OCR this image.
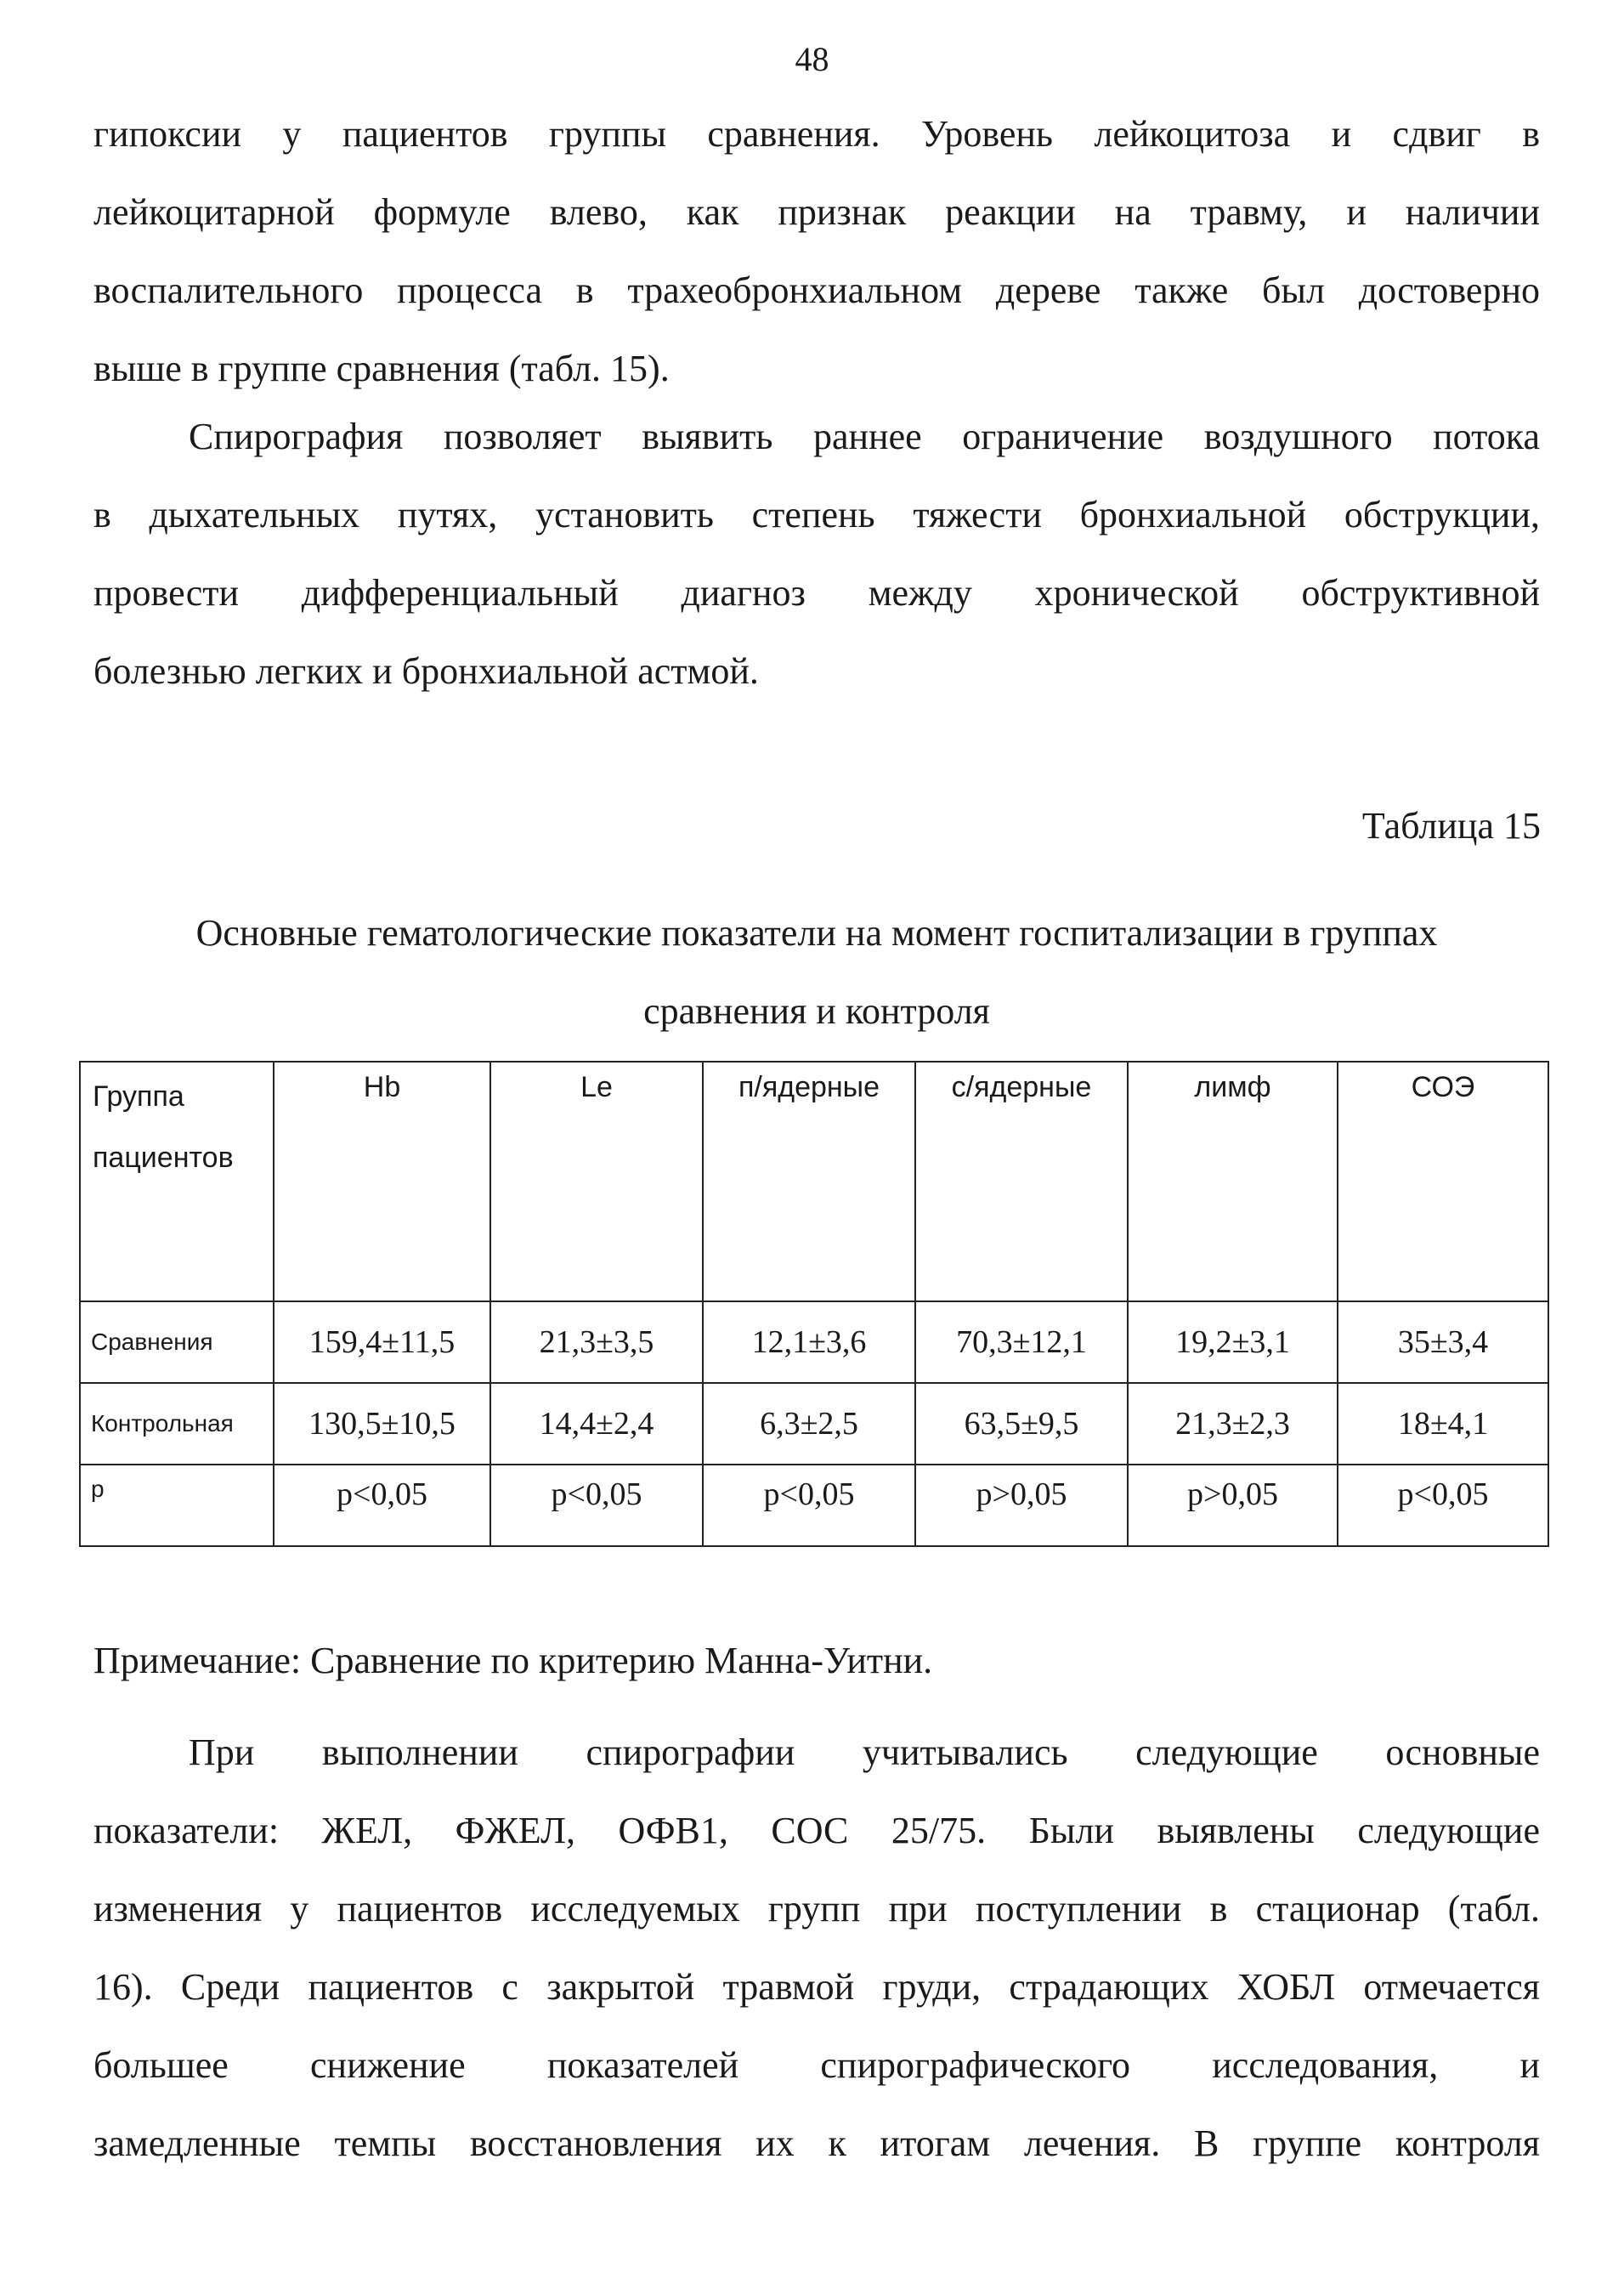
48
гипоксии у пациентов группы сравнения. Уровень лейкоцитоза и сдвиг в
лейкоцитарной формуле влево, как признак реакции на травму, и наличии
воспалительного процесса в трахеобронхиальном дереве также был достоверно
выше в группе сравнения (табл. 15).
Спирография позволяет выявить раннее ограничение воздушного потока
в дыхательных путях, установить степень тяжести бронхиальной обструкции,
провести дифференциальный диагноз между хронической обструктивной
болезнью легких и бронхиальной астмой.
Таблица 15
Основные гематологические показатели на момент госпитализации в группах
сравнения и контроля
Группа
пациентов	Hb	Le	п/ядерные	с/ядерные	лимф	СОЭ
Сравнения	159,4±11,5	21,3±3,5	12,1±3,6	70,3±12,1	19,2±3,1	35±3,4
Контрольная	130,5±10,5	14,4±2,4	6,3±2,5	63,5±9,5	21,3±2,3	18±4,1
p	p<0,05	p<0,05	p<0,05	p>0,05	p>0,05	p<0,05

Примечание: Сравнение по критерию Манна-Уитни.

При выполнении спирографии учитывались следующие основные
показатели: ЖЕЛ, ФЖЕЛ, ОФВ1, СОС 25/75. Были выявлены следующие
изменения у пациентов исследуемых групп при поступлении в стационар (табл.
16). Среди пациентов с закрытой травмой груди, страдающих ХОБЛ отмечается
большее снижение показателей спирографического исследования, и
замедленные темпы восстановления их к итогам лечения. В группе контроля
